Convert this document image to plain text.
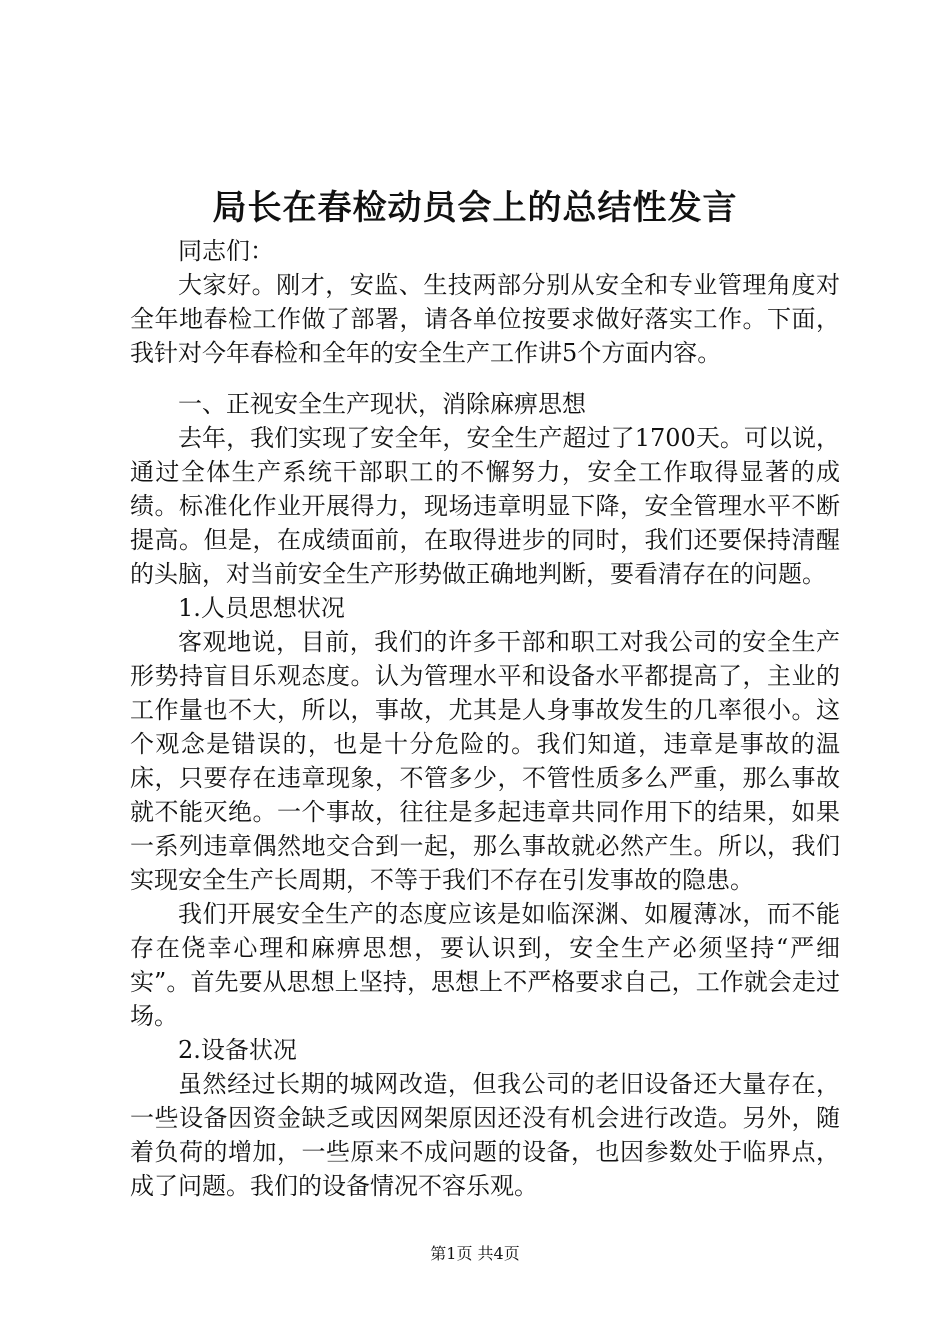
局长在春检动员会上的总结性发言

同志们：

大家好。刚才，安监、生技两部分别从安全和专业管理角度对全年地春检工作做了部署，请各单位按要求做好落实工作。下面，我针对今年春检和全年的安全生产工作讲5个方面内容。

一、正视安全生产现状，消除麻痹思想

去年，我们实现了安全年，安全生产超过了1700天。可以说，通过全体生产系统干部职工的不懈努力，安全工作取得显著的成绩。标准化作业开展得力，现场违章明显下降，安全管理水平不断提高。但是，在成绩面前，在取得进步的同时，我们还要保持清醒的头脑，对当前安全生产形势做正确地判断，要看清存在的问题。

1.人员思想状况

客观地说，目前，我们的许多干部和职工对我公司的安全生产形势持盲目乐观态度。认为管理水平和设备水平都提高了，主业的工作量也不大，所以，事故，尤其是人身事故发生的几率很小。这个观念是错误的，也是十分危险的。我们知道，违章是事故的温床，只要存在违章现象，不管多少，不管性质多么严重，那么事故就不能灭绝。一个事故，往往是多起违章共同作用下的结果，如果一系列违章偶然地交合到一起，那么事故就必然产生。所以，我们实现安全生产长周期，不等于我们不存在引发事故的隐患。

我们开展安全生产的态度应该是如临深渊、如履薄冰，而不能存在侥幸心理和麻痹思想，要认识到，安全生产必须坚持“严细实”。首先要从思想上坚持，思想上不严格要求自己，工作就会走过场。

2.设备状况

虽然经过长期的城网改造，但我公司的老旧设备还大量存在，一些设备因资金缺乏或因网架原因还没有机会进行改造。另外，随着负荷的增加，一些原来不成问题的设备，也因参数处于临界点，成了问题。我们的设备情况不容乐观。

第1页 共4页
